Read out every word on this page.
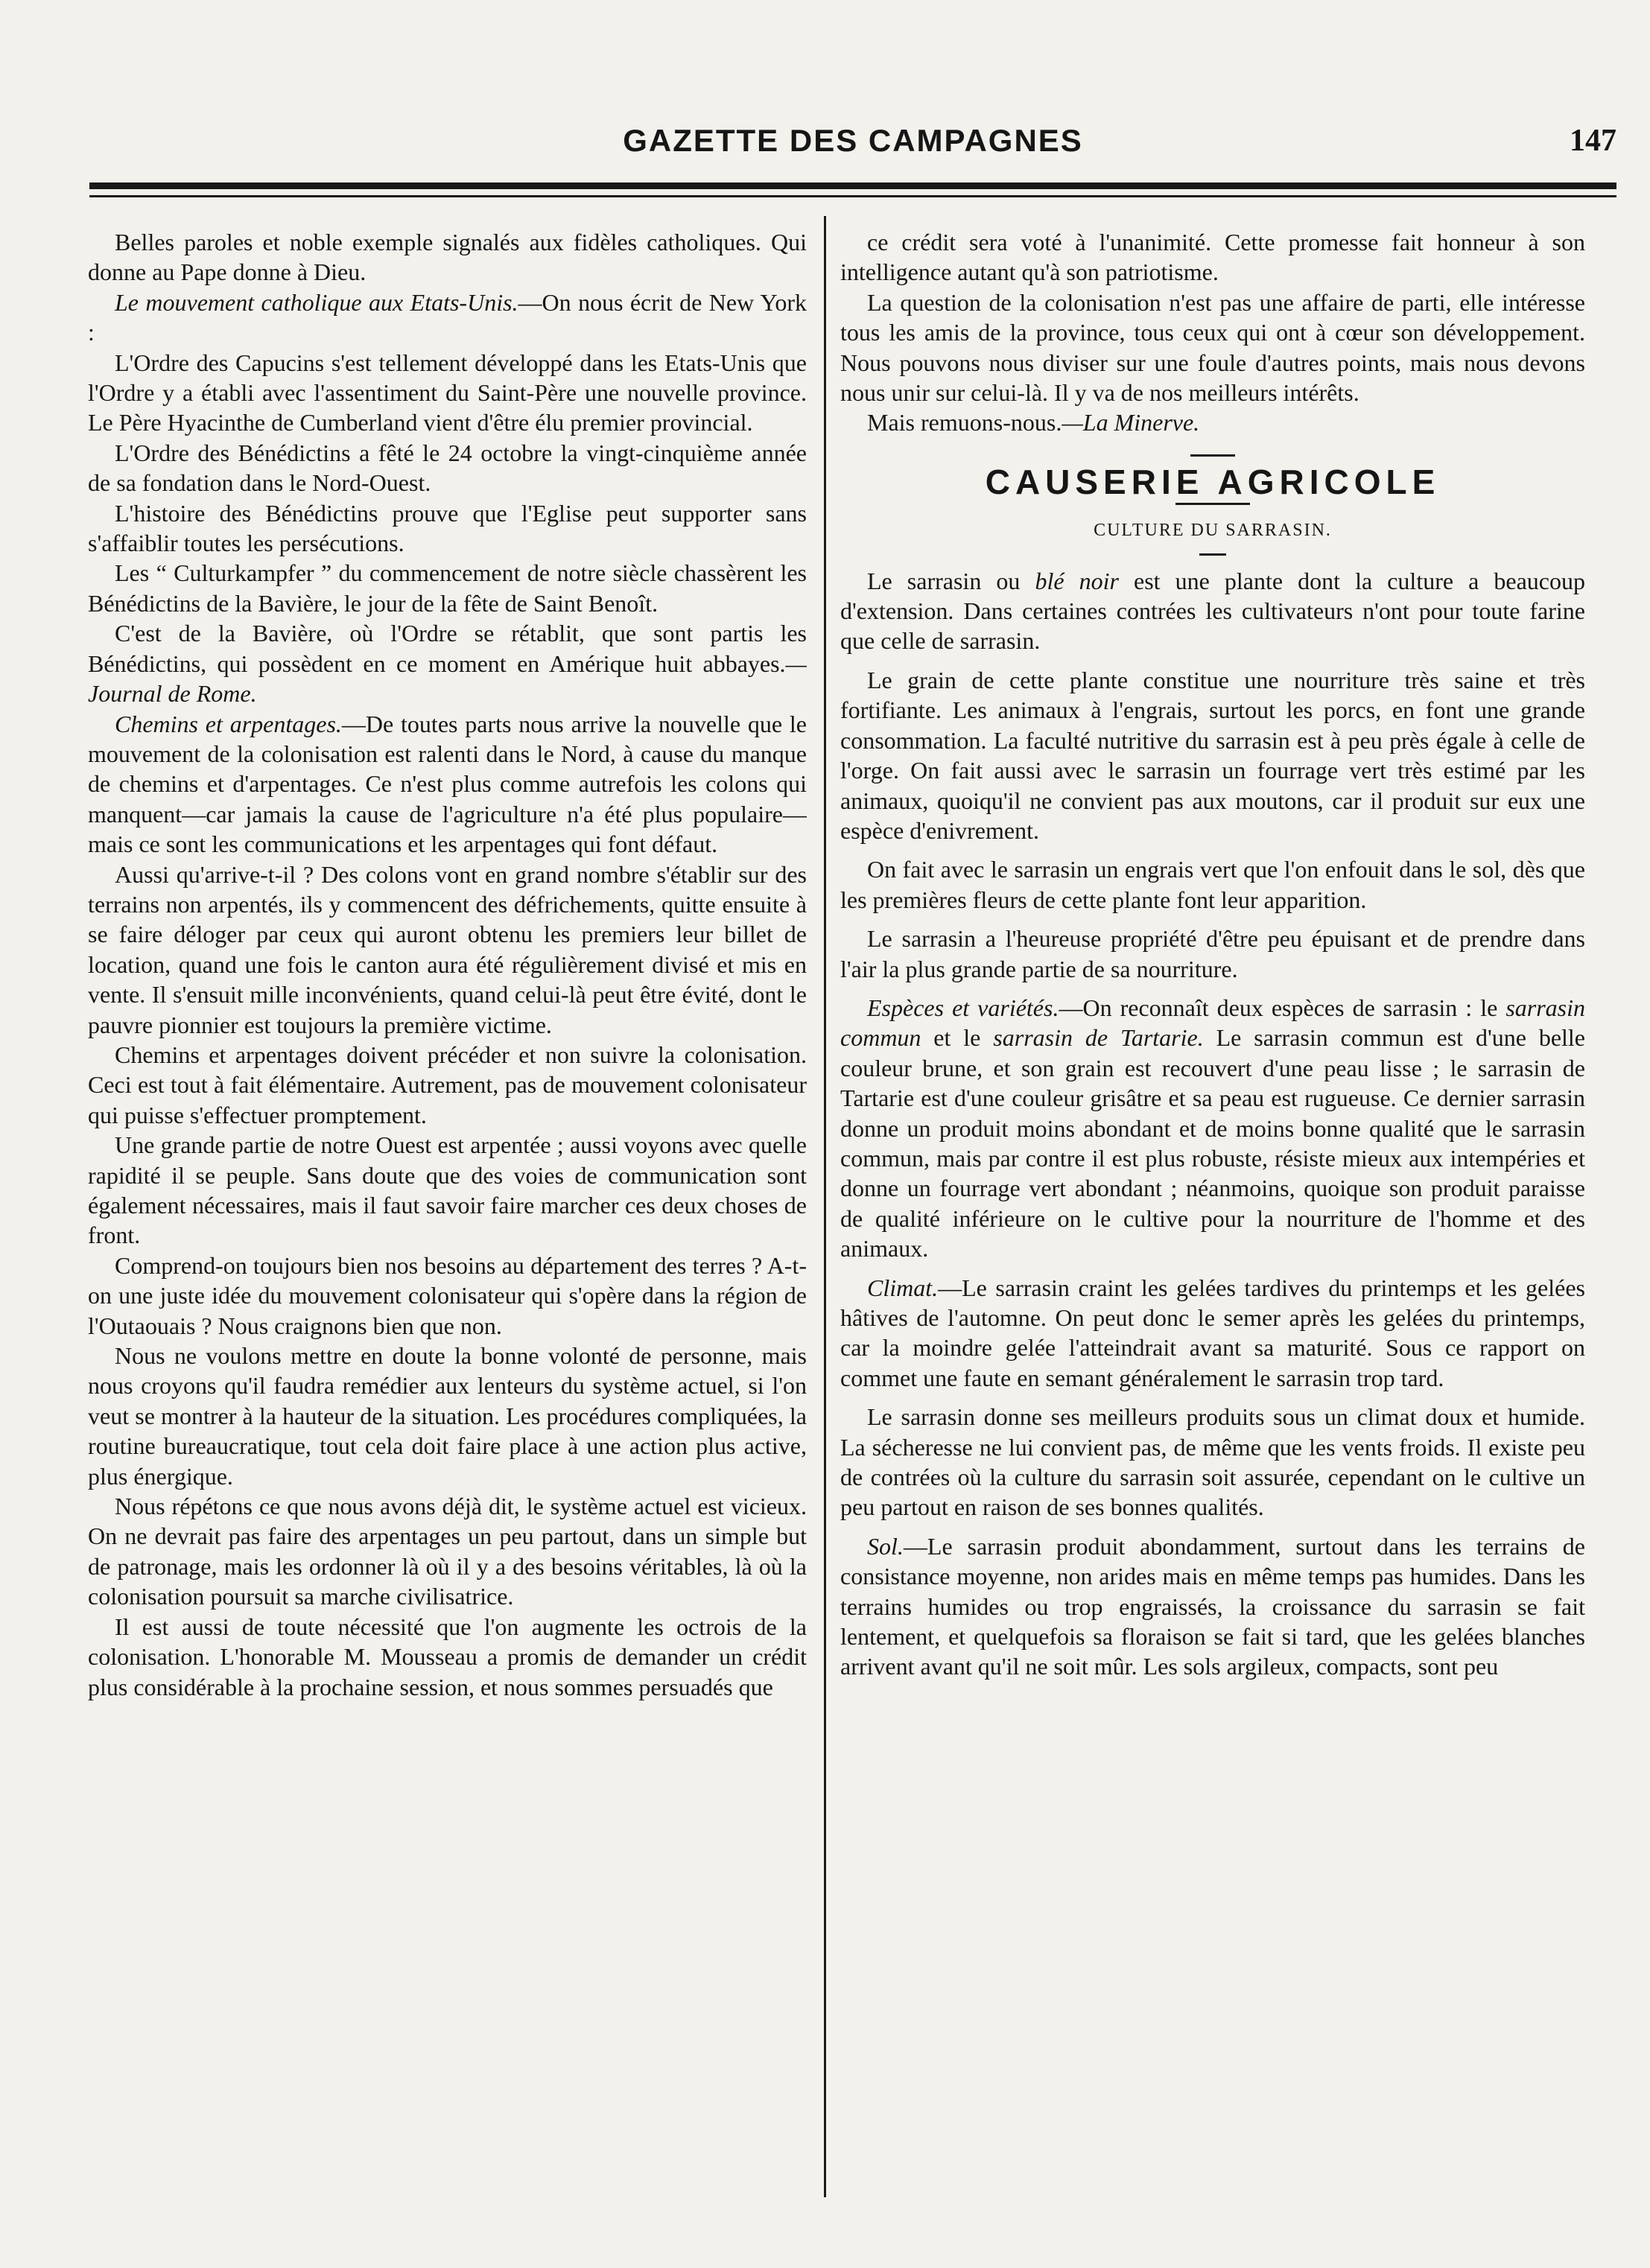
GAZETTE DES CAMPAGNES	147

Belles paroles et noble exemple signalés aux fidèles catholiques. Qui donne au Pape donne à Dieu.

Le mouvement catholique aux Etats-Unis.—On nous écrit de New York :

L'Ordre des Capucins s'est tellement développé dans les Etats-Unis que l'Ordre y a établi avec l'assentiment du Saint-Père une nouvelle province. Le Père Hyacinthe de Cumberland vient d'être élu premier provincial.

L'Ordre des Bénédictins a fêté le 24 octobre la vingt-cinquième année de sa fondation dans le Nord-Ouest.

L'histoire des Bénédictins prouve que l'Eglise peut supporter sans s'affaiblir toutes les persécutions.

Les “ Culturkampfer ” du commencement de notre siècle chassèrent les Bénédictins de la Bavière, le jour de la fête de Saint Benoît.

C'est de la Bavière, où l'Ordre se rétablit, que sont partis les Bénédictins, qui possèdent en ce moment en Amérique huit abbayes.—Journal de Rome.

Chemins et arpentages.—De toutes parts nous arrive la nouvelle que le mouvement de la colonisation est ralenti dans le Nord, à cause du manque de chemins et d'arpentages. Ce n'est plus comme autrefois les colons qui manquent—car jamais la cause de l'agriculture n'a été plus populaire—mais ce sont les communications et les arpentages qui font défaut.

Aussi qu'arrive-t-il ? Des colons vont en grand nombre s'établir sur des terrains non arpentés, ils y commencent des défrichements, quitte ensuite à se faire déloger par ceux qui auront obtenu les premiers leur billet de location, quand une fois le canton aura été régulièrement divisé et mis en vente. Il s'ensuit mille inconvénients, quand celui-là peut être évité, dont le pauvre pionnier est toujours la première victime.

Chemins et arpentages doivent précéder et non suivre la colonisation. Ceci est tout à fait élémentaire. Autrement, pas de mouvement colonisateur qui puisse s'effectuer promptement.

Une grande partie de notre Ouest est arpentée ; aussi voyons avec quelle rapidité il se peuple. Sans doute que des voies de communication sont également nécessaires, mais il faut savoir faire marcher ces deux choses de front.

Comprend-on toujours bien nos besoins au département des terres ? A-t-on une juste idée du mouvement colonisateur qui s'opère dans la région de l'Outaouais ? Nous craignons bien que non.

Nous ne voulons mettre en doute la bonne volonté de personne, mais nous croyons qu'il faudra remédier aux lenteurs du système actuel, si l'on veut se montrer à la hauteur de la situation. Les procédures compliquées, la routine bureaucratique, tout cela doit faire place à une action plus active, plus énergique.

Nous répétons ce que nous avons déjà dit, le système actuel est vicieux. On ne devrait pas faire des arpentages un peu partout, dans un simple but de patronage, mais les ordonner là où il y a des besoins véritables, là où la colonisation poursuit sa marche civilisatrice.

Il est aussi de toute nécessité que l'on augmente les octrois de la colonisation. L'honorable M. Mousseau a promis de demander un crédit plus considérable à la prochaine session, et nous sommes persuadés que

ce crédit sera voté à l'unanimité. Cette promesse fait honneur à son intelligence autant qu'à son patriotisme.

La question de la colonisation n'est pas une affaire de parti, elle intéresse tous les amis de la province, tous ceux qui ont à cœur son développement. Nous pouvons nous diviser sur une foule d'autres points, mais nous devons nous unir sur celui-là. Il y va de nos meilleurs intérêts.

Mais remuons-nous.—La Minerve.

CAUSERIE AGRICOLE
CULTURE DU SARRASIN.

Le sarrasin ou blé noir est une plante dont la culture a beaucoup d'extension. Dans certaines contrées les cultivateurs n'ont pour toute farine que celle de sarrasin.

Le grain de cette plante constitue une nourriture très saine et très fortifiante. Les animaux à l'engrais, surtout les porcs, en font une grande consommation. La faculté nutritive du sarrasin est à peu près égale à celle de l'orge. On fait aussi avec le sarrasin un fourrage vert très estimé par les animaux, quoiqu'il ne convient pas aux moutons, car il produit sur eux une espèce d'enivrement.

On fait avec le sarrasin un engrais vert que l'on enfouit dans le sol, dès que les premières fleurs de cette plante font leur apparition.

Le sarrasin a l'heureuse propriété d'être peu épuisant et de prendre dans l'air la plus grande partie de sa nourriture.

Espèces et variétés.—On reconnaît deux espèces de sarrasin : le sarrasin commun et le sarrasin de Tartarie. Le sarrasin commun est d'une belle couleur brune, et son grain est recouvert d'une peau lisse ; le sarrasin de Tartarie est d'une couleur grisâtre et sa peau est rugueuse. Ce dernier sarrasin donne un produit moins abondant et de moins bonne qualité que le sarrasin commun, mais par contre il est plus robuste, résiste mieux aux intempéries et donne un fourrage vert abondant ; néanmoins, quoique son produit paraisse de qualité inférieure on le cultive pour la nourriture de l'homme et des animaux.

Climat.—Le sarrasin craint les gelées tardives du printemps et les gelées hâtives de l'automne. On peut donc le semer après les gelées du printemps, car la moindre gelée l'atteindrait avant sa maturité. Sous ce rapport on commet une faute en semant généralement le sarrasin trop tard.

Le sarrasin donne ses meilleurs produits sous un climat doux et humide. La sécheresse ne lui convient pas, de même que les vents froids. Il existe peu de contrées où la culture du sarrasin soit assurée, cependant on le cultive un peu partout en raison de ses bonnes qualités.

Sol.—Le sarrasin produit abondamment, surtout dans les terrains de consistance moyenne, non arides mais en même temps pas humides. Dans les terrains humides ou trop engraissés, la croissance du sarrasin se fait lentement, et quelquefois sa floraison se fait si tard, que les gelées blanches arrivent avant qu'il ne soit mûr. Les sols argileux, compacts, sont peu
